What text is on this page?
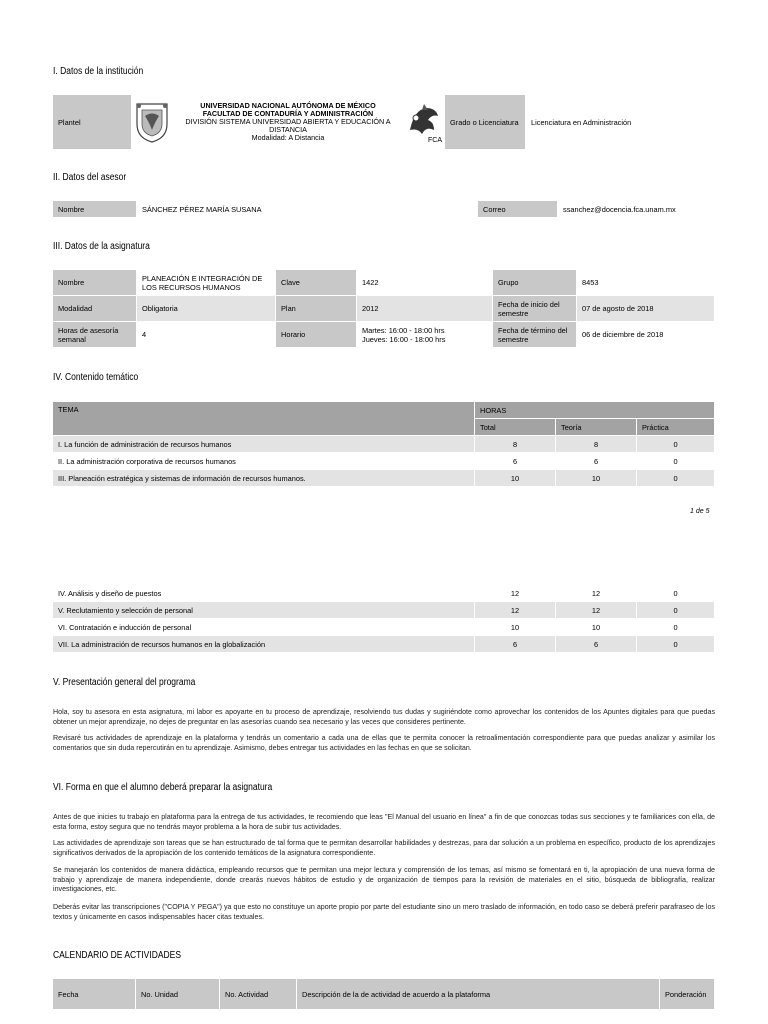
I. Datos de la institución
Plantel		
UNIVERSIDAD NACIONAL AUTÓNOMA DE MÉXICO
FACULTAD DE CONTADURÍA Y ADMINISTRACIÓN
DIVISIÓN SISTEMA UNIVERSIDAD ABIERTA Y EDUCACIÓN A DISTANCIA
Modalidad: A Distancia	FCA
	Grado o Licenciatura	Licenciatura en Administración
II. Datos del asesor
Nombre	SÁNCHEZ PÉREZ MARÍA SUSANA	Correo	ssanchez@docencia.fca.unam.mx
III. Datos de la asignatura
Nombre	PLANEACIÓN E INTEGRACIÓN DE LOS RECURSOS HUMANOS	Clave	1422	Grupo	8453
Modalidad	Obligatoria	Plan	2012	Fecha de inicio del semestre	07 de agosto de 2018
Horas de asesoría semanal	4	Horario	Martes: 16:00 - 18:00 hrs
Jueves: 16:00 - 18:00 hrs	Fecha de término del semestre	06 de diciembre de 2018
IV. Contenido temático
TEMA	HORAS		
	Total	Teoría	Práctica
I. La función de administración de recursos humanos	8	8	0
II. La administración corporativa de recursos humanos	6	6	0
III. Planeación estratégica y sistemas de información de recursos humanos.	10	10	0
1 de 5
IV. Análisis y diseño de puestos	12	12	0
V. Reclutamiento y selección de personal	12	12	0
VI. Contratación e inducción de personal	10	10	0
VII. La administración de recursos humanos en la globalización	6	6	0
V. Presentación general del programa
Hola, soy tu asesora en esta asignatura, mi labor es apoyarte en tu proceso de aprendizaje, resolviendo tus dudas y sugiriéndote como aprovechar los contenidos de los Apuntes digitales para que puedas obtener un mejor aprendizaje, no dejes de preguntar en las asesorías cuando sea necesario y las veces que consideres pertinente.
Revisaré tus actividades de aprendizaje en la plataforma y tendrás un comentario a cada una de ellas que te permita conocer la retroalimentación correspondiente para que puedas analizar y asimilar los comentarios que sin duda repercutirán en tu aprendizaje. Asimismo, debes entregar tus actividades en las fechas en que se solicitan.
VI. Forma en que el alumno deberá preparar la asignatura
Antes de que inicies tu trabajo en plataforma para la entrega de tus actividades, te recomiendo que leas "El Manual del usuario en línea" a fin de que conozcas todas sus secciones y te familiarices con ella, de esta forma, estoy segura que no tendrás mayor problema a la hora de subir tus actividades.
Las actividades de aprendizaje son tareas que se han estructurado de tal forma que te permitan desarrollar habilidades y destrezas, para dar solución a un problema en específico, producto de los aprendizajes significativos derivados de la apropiación de los contenido temáticos de la asignatura correspondiente.
Se manejarán los contenidos de manera didáctica, empleando recursos que te permitan una mejor lectura y comprensión de los temas, así mismo se fomentará en ti, la apropiación de una nueva forma de trabajo y aprendizaje de manera independiente, donde crearás nuevos hábitos de estudio y de organización de tiempos para la revisión de materiales en el sitio, búsqueda de bibliografía, realizar investigaciones, etc.
Deberás evitar las transcripciones ("COPIA Y PEGA") ya que esto no constituye un aporte propio por parte del estudiante sino un mero traslado de información, en todo caso se deberá preferir parafraseo de los textos y únicamente en casos indispensables hacer citas textuales.
CALENDARIO DE ACTIVIDADES
Fecha	No. Unidad	No. Actividad	Descripción de la de actividad de acuerdo a la plataforma	Ponderación
